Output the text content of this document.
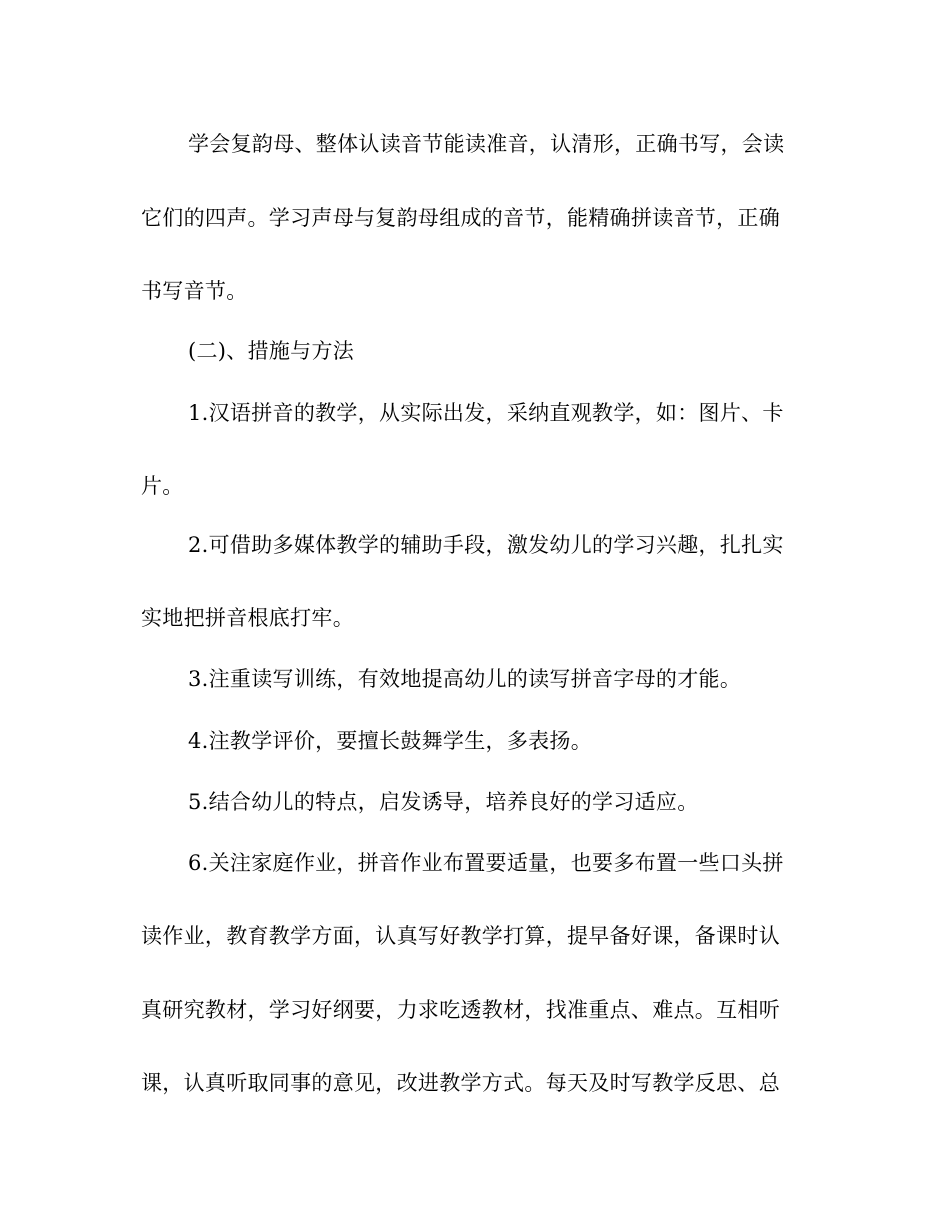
学会复韵母、整体认读音节能读准音，认清形，正确书写，会读
它们的四声。学习声母与复韵母组成的音节，能精确拼读音节，正确
书写音节。
(二)、措施与方法
1.汉语拼音的教学，从实际出发，采纳直观教学，如：图片、卡
片。
2.可借助多媒体教学的辅助手段，激发幼儿的学习兴趣，扎扎实
实地把拼音根底打牢。
3.注重读写训练，有效地提高幼儿的读写拼音字母的才能。
4.注教学评价，要擅长鼓舞学生，多表扬。
5.结合幼儿的特点，启发诱导，培养良好的学习适应。
6.关注家庭作业，拼音作业布置要适量，也要多布置一些口头拼
读作业，教育教学方面，认真写好教学打算，提早备好课，备课时认
真研究教材，学习好纲要，力求吃透教材，找准重点、难点。互相听
课，认真听取同事的意见，改进教学方式。每天及时写教学反思、总
